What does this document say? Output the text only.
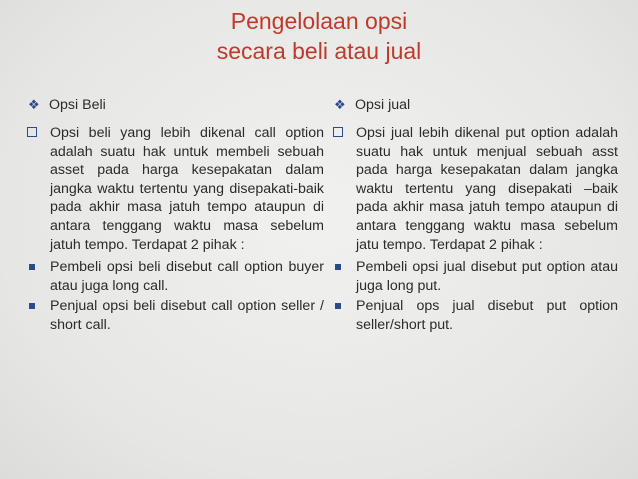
Pengelolaan opsi
secara beli atau jual
❖ Opsi Beli
Opsi beli yang lebih dikenal call option adalah suatu hak untuk membeli sebuah asset pada harga kesepakatan dalam jangka waktu tertentu yang disepakati-baik pada akhir masa jatuh tempo ataupun di antara tenggang waktu masa sebelum jatuh tempo. Terdapat 2 pihak :
Pembeli opsi beli disebut call option buyer atau juga long call.
Penjual opsi beli disebut call option seller / short call.
❖ Opsi jual
Opsi jual lebih dikenal put option adalah suatu hak untuk menjual sebuah asst pada harga kesepakatan dalam jangka waktu tertentu yang disepakati –baik pada akhir masa jatuh tempo ataupun di antara tenggang waktu masa sebelum jatu tempo. Terdapat 2 pihak :
Pembeli opsi jual disebut put option atau juga long put.
Penjual ops jual disebut put option seller/short put.
